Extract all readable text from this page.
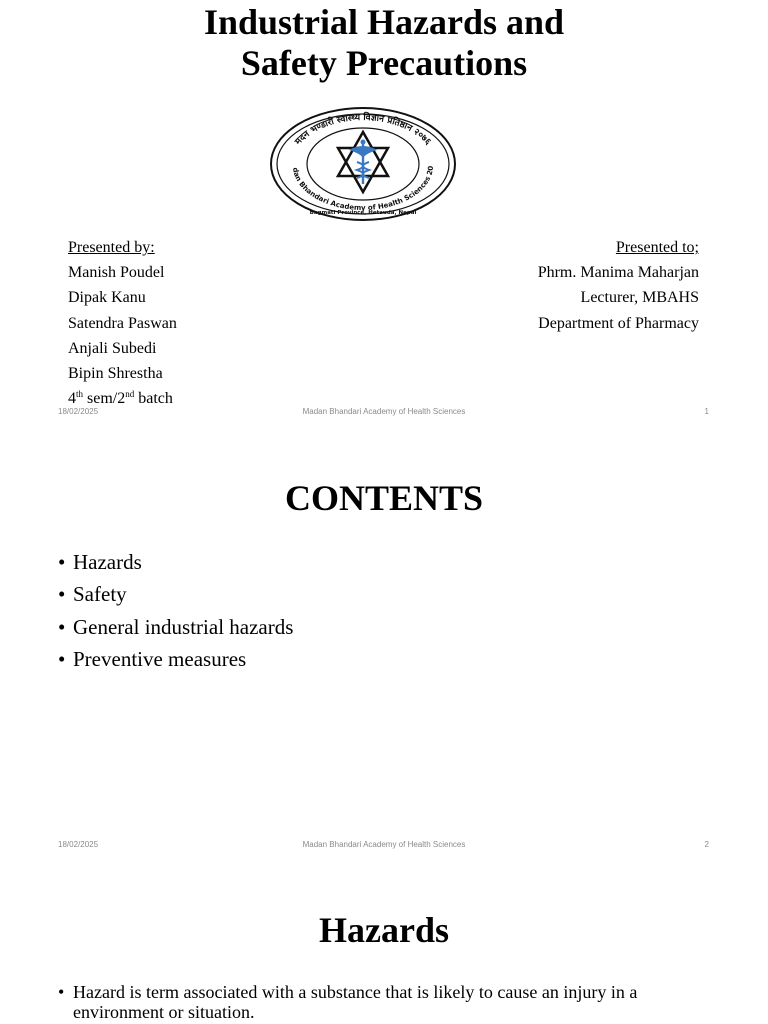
Industrial Hazards and
Safety Precautions
मदन भण्डारी स्वास्थ्य विज्ञान प्रतिष्ठान २०७६
dan Bhandari Academy of Health Sciences 20
Bagmati Province, Hetauda, Nepal
Presented by:
Manish Poudel
Dipak Kanu
Satendra Paswan
Anjali Subedi
Bipin Shrestha
4th sem/2nd batch
Presented to;
Phrm. Manima Maharjan
Lecturer, MBAHS
Department of Pharmacy
18/02/2025	Madan Bhandari Academy of Health Sciences	1
CONTENTS
• Hazards
• Safety
• General industrial hazards
• Preventive measures
18/02/2025	Madan Bhandari Academy of Health Sciences	2
Hazards
• Hazard is term associated with a substance that is likely to cause an injury in a environment or situation.
